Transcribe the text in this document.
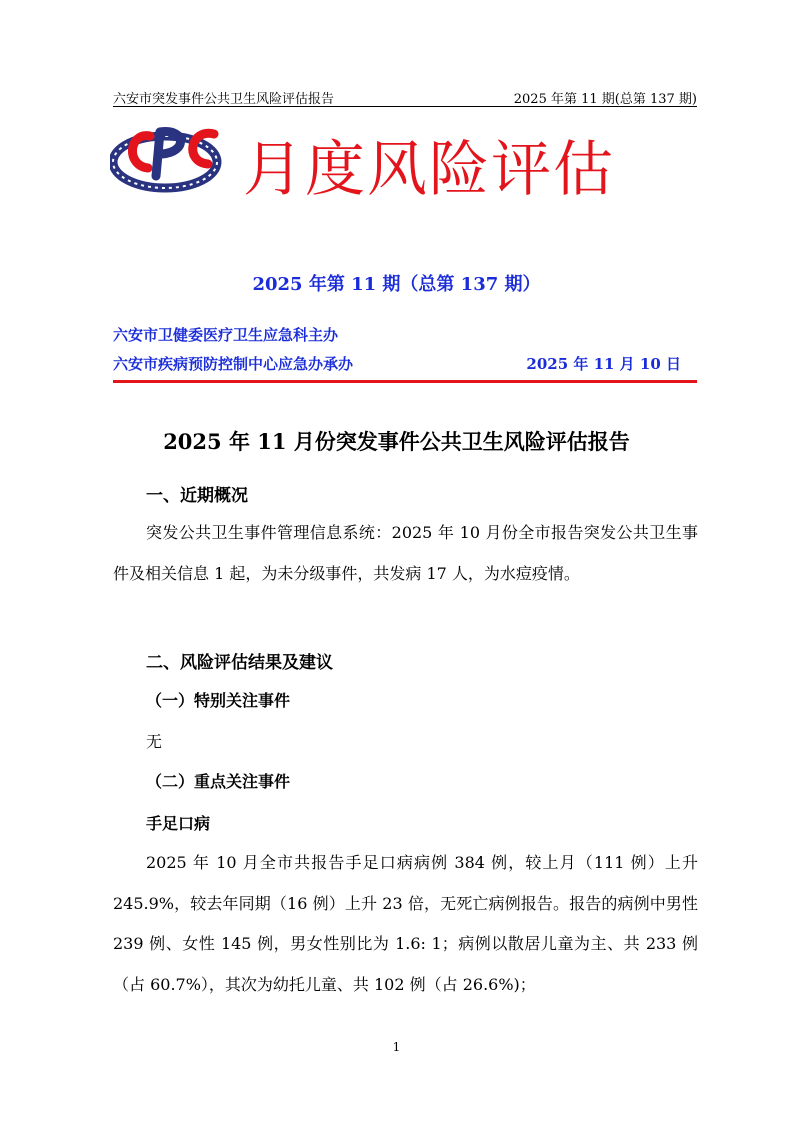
六安市突发事件公共卫生风险评估报告	2025 年第 11 期(总第 137 期)
月度风险评估
2025 年第 11 期（总第 137 期）
六安市卫健委医疗卫生应急科主办
六安市疾病预防控制中心应急办承办	2025 年 11 月 10 日
2025 年 11 月份突发事件公共卫生风险评估报告
一、近期概况
突发公共卫生事件管理信息系统：2025 年 10 月份全市报告突发公共卫生事件及相关信息 1 起，为未分级事件，共发病 17 人，为水痘疫情。
二、风险评估结果及建议
（一）特别关注事件
无
（二）重点关注事件
手足口病
2025 年 10 月全市共报告手足口病病例 384 例，较上月（111 例）上升 245.9%，较去年同期（16 例）上升 23 倍，无死亡病例报告。报告的病例中男性 239 例、女性 145 例，男女性别比为 1.6: 1；病例以散居儿童为主、共 233 例（占 60.7%），其次为幼托儿童、共 102 例（占 26.6%)；
1
